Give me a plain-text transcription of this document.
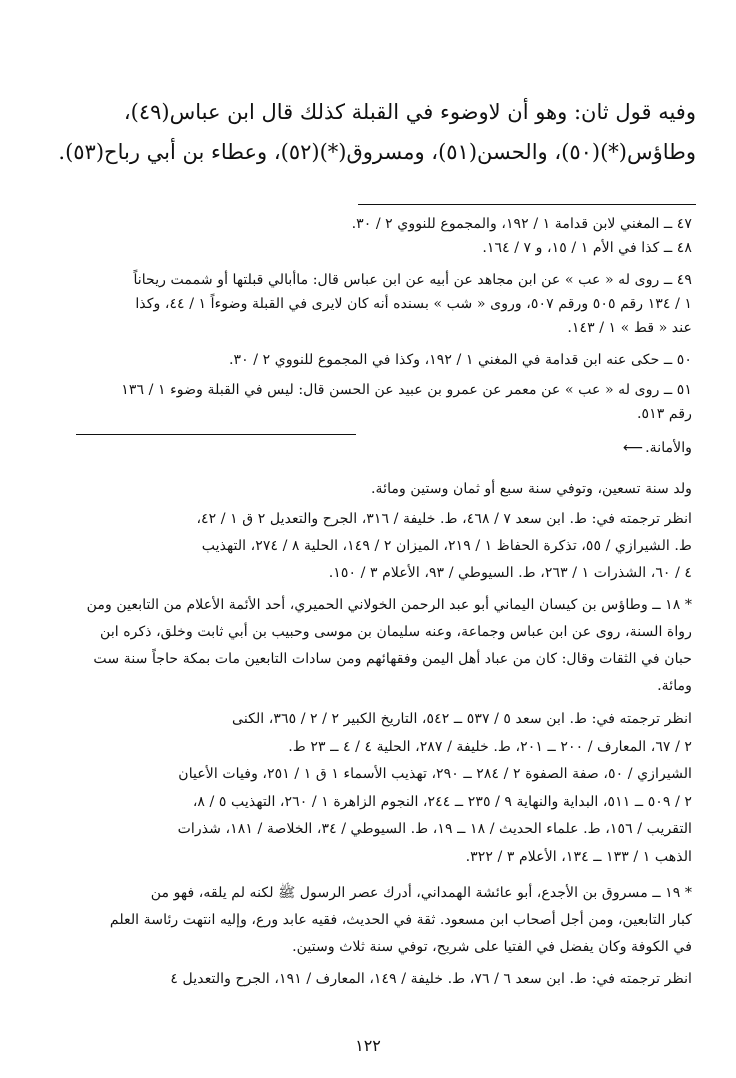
وفيه قول ثان: وهو أن لاوضوء في القبلة كذلك قال ابن عباس(٤٩)،
وطاؤس(*)(٥٠)، والحسن(٥١)، ومسروق(*)(٥٢)، وعطاء بن أبي رباح(٥٣).
٤٧ ــ المغني لابن قدامة ١ / ١٩٢، والمجموع للنووي ٢ / ٣٠.
٤٨ ــ كذا في الأم ١ / ١٥، و ٧ / ١٦٤.
٤٩ ــ روى له « عب » عن ابن مجاهد عن أبيه عن ابن عباس قال: ماأبالي قبلتها أو شممت ريحاناً
١ / ١٣٤ رقم ٥٠٥ ورقم ٥٠٧، وروى « شب » بسنده أنه كان لايرى في القبلة وضوءاً ١ / ٤٤، وكذا
عند « قط » ١ / ١٤٣.
٥٠ ــ حكى عنه ابن قدامة في المغني ١ / ١٩٢، وكذا في المجموع للنووي ٢ / ٣٠.
٥١ ــ روى له « عب » عن معمر عن عمرو بن عبيد عن الحسن قال: ليس في القبلة وضوء ١ / ١٣٦
رقم ٥١٣.
والأمانة.⟵
ولد سنة تسعين، وتوفي سنة سبع أو ثمان وستين ومائة.
انظر ترجمته في: ط. ابن سعد ٧ / ٤٦٨، ط. خليفة / ٣١٦، الجرح والتعديل ٢ ق ١ / ٤٢،
ط. الشيرازي / ٥٥، تذكرة الحفاظ ١ / ٢١٩، الميزان ٢ / ١٤٩، الحلية ٨ / ٢٧٤، التهذيب
٤ / ٦٠، الشذرات ١ / ٢٦٣، ط. السيوطي / ٩٣، الأعلام ٣ / ١٥٠.
* ١٨ ــ وطاؤس بن كيسان اليماني أبو عبد الرحمن الخولاني الحميري، أحد الأئمة الأعلام من التابعين ومن
رواة السنة، روى عن ابن عباس وجماعة، وعنه سليمان بن موسى وحبيب بن أبي ثابت وخلق، ذكره ابن
حبان في الثقات وقال: كان من عباد أهل اليمن وفقهائهم ومن سادات التابعين مات بمكة حاجاً سنة ست
ومائة.
انظر ترجمته في: ط. ابن سعد ٥ / ٥٣٧ ــ ٥٤٢، التاريخ الكبير ٢ / ٢ / ٣٦٥، الكنى
٢ / ٦٧، المعارف / ٢٠٠ ــ ٢٠١، ط. خليفة / ٢٨٧، الحلية ٤ / ٤ ــ ٢٣ ط.
الشيرازي / ٥٠، صفة الصفوة ٢ / ٢٨٤ ــ ٢٩٠، تهذيب الأسماء ١ ق ١ / ٢٥١، وفيات الأعيان
٢ / ٥٠٩ ــ ٥١١، البداية والنهاية ٩ / ٢٣٥ ــ ٢٤٤، النجوم الزاهرة ١ / ٢٦٠، التهذيب ٥ / ٨،
التقريب / ١٥٦، ط. علماء الحديث / ١٨ ــ ١٩، ط. السيوطي / ٣٤، الخلاصة / ١٨١، شذرات
الذهب ١ / ١٣٣ ــ ١٣٤، الأعلام ٣ / ٣٢٢.
* ١٩ ــ مسروق بن الأجدع، أبو عائشة الهمداني، أدرك عصر الرسول ﷺ لكنه لم يلقه، فهو من
كبار التابعين، ومن أجل أصحاب ابن مسعود. ثقة في الحديث، فقيه عابد ورع، وإليه انتهت رئاسة العلم
في الكوفة وكان يفضل في الفتيا على شريح، توفي سنة ثلاث وستين.
انظر ترجمته في: ط. ابن سعد ٦ / ٧٦، ط. خليفة / ١٤٩، المعارف / ١٩١، الجرح والتعديل ٤
١٢٢
